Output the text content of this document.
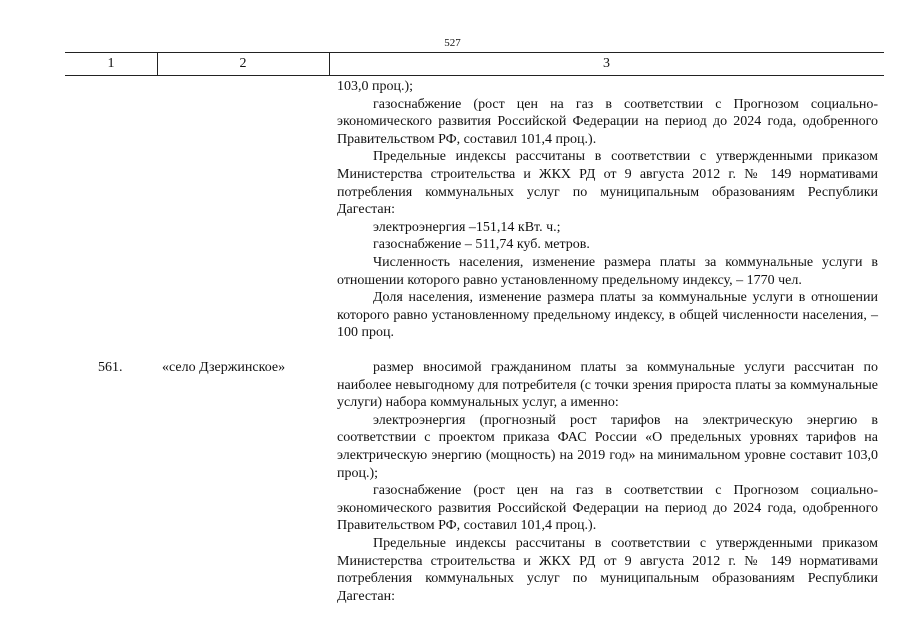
527
1	2	3

103,0 проц.);

газоснабжение (рост цен на газ в соответствии с Прогнозом социально-экономического развития Российской Федерации на период до 2024 года, одобренного Правительством РФ, составил 101,4 проц.).

Предельные индексы рассчитаны в соответствии с утвержденными приказом Министерства строительства и ЖКХ РД от 9 августа 2012 г. № 149 нормативами потребления коммунальных услуг по муниципальным образованиям Республики Дагестан:

электроэнергия –151,14 кВт. ч.;

газоснабжение – 511,74 куб. метров.

Численность населения, изменение размера платы за коммунальные услуги в отношении которого равно установленному предельному индексу, – 1770 чел.

Доля населения, изменение размера платы за коммунальные услуги в отношении которого равно установленному предельному индексу, в общей численности населения, – 100 проц.

561.	«село Дзержинское»	размер вносимой гражданином платы за коммунальные услуги рассчитан по наиболее невыгодному для потребителя (с точки зрения прироста платы за коммунальные услуги) набора коммунальных услуг, а именно:

электроэнергия (прогнозный рост тарифов на электрическую энергию в соответствии с проектом приказа ФАС России «О предельных уровнях тарифов на электрическую энергию (мощность) на 2019 год» на минимальном уровне составит 103,0 проц.);

газоснабжение (рост цен на газ в соответствии с Прогнозом социально-экономического развития Российской Федерации на период до 2024 года, одобренного Правительством РФ, составил 101,4 проц.).

Предельные индексы рассчитаны в соответствии с утвержденными приказом Министерства строительства и ЖКХ РД от 9 августа 2012 г. № 149 нормативами потребления коммунальных услуг по муниципальным образованиям Республики Дагестан:
